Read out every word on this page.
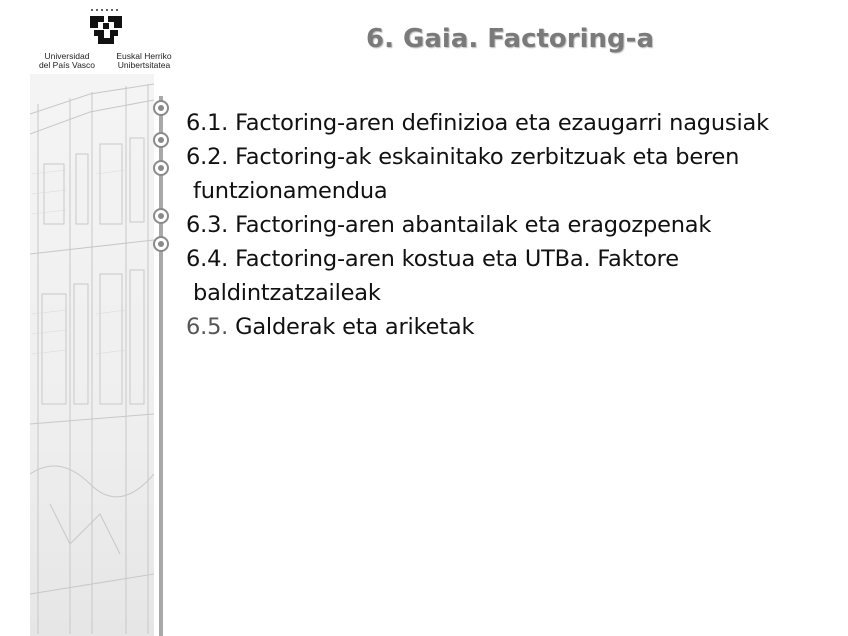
Universidad
del País Vasco
Euskal Herriko
Unibertsitatea
6. Gaia. Factoring-a
6.1. Factoring-aren definizioa eta ezaugarri nagusiak
6.2. Factoring-ak eskainitako zerbitzuak eta beren
funtzionamendua
6.3. Factoring-aren abantailak eta eragozpenak
6.4. Factoring-aren kostua eta UTBa. Faktore
baldintzatzaileak
6.5. Galderak eta ariketak
